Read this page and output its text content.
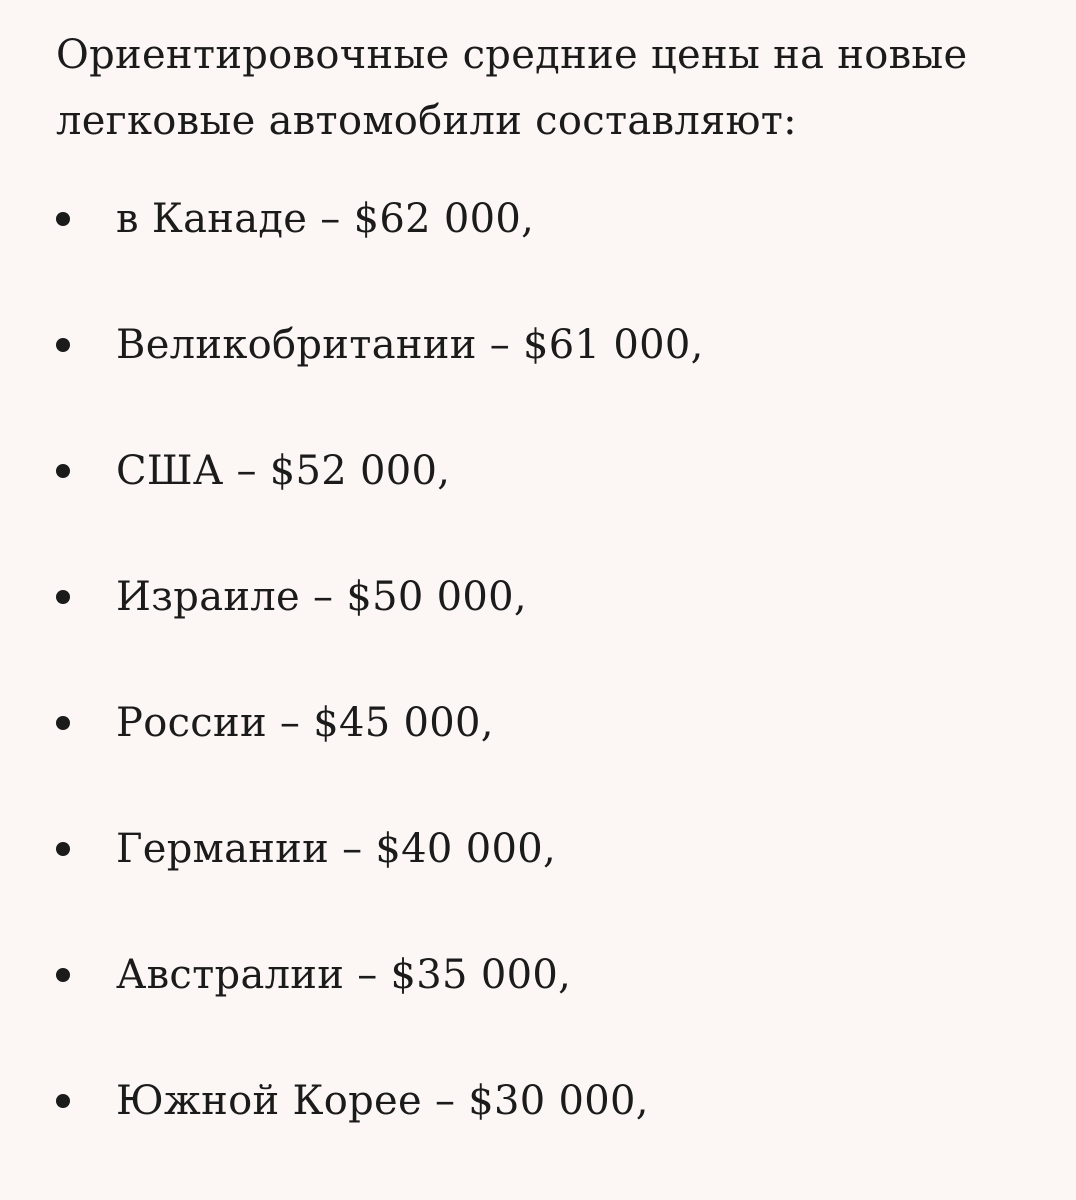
Ориентировочные средние цены на новые легковые автомобили составляют:

в Канаде – $62 000,
Великобритании – $61 000,
США – $52 000,
Израиле – $50 000,
России – $45 000,
Германии – $40 000,
Австралии – $35 000,
Южной Корее – $30 000,
